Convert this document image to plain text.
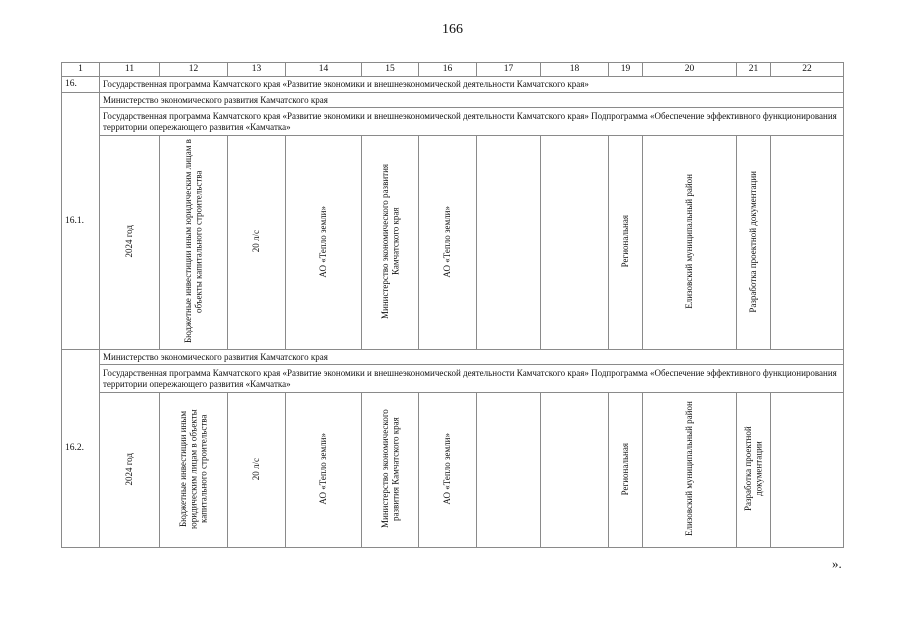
166
1	11	12	13	14	15	16	17	18	19	20	21	22
16.	Государственная программа Камчатского края «Развитие экономики и внешнеэкономической деятельности Камчатского края»											
16.1.	Министерство экономического развития Камчатского края											
	Государственная программа Камчатского края «Развитие экономики и внешнеэкономической деятельности Камчатского края» Подпрограмма «Обеспечение эффективного функционирования территории опережающего развития «Камчатка»											
	2024 год	Бюджетные инвестиции иным юридическим лицам в объекты капитального строительства	20 л/с	АО «Тепло земли»	Министерство экономического развития Камчатского края	АО «Тепло земли»			Региональная	Елизовский муниципальный район	Разработка проектной документации	
16.2.	Министерство экономического развития Камчатского края											
	Государственная программа Камчатского края «Развитие экономики и внешнеэкономической деятельности Камчатского края» Подпрограмма «Обеспечение эффективного функционирования территории опережающего развития «Камчатка»											
	2024 год	Бюджетные инвестиции иным юридическим лицам в объекты капитального строительства	20 л/с	АО «Тепло земли»	Министерство экономического развития Камчатского края	АО «Тепло земли»			Региональная	Елизовский муниципальный район	Разработка проектной документации	
».
